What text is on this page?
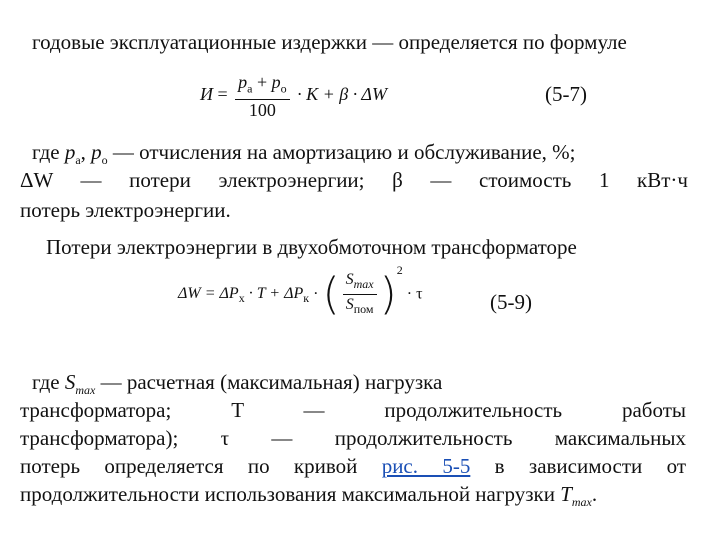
годовые эксплуатационные издержки — определяется по формуле
$И = \frac{p_а + p_о}{100} \cdot K + \beta \cdot \Delta W$	(5-7)
где $p_а$, $p_о$ — отчисления на амортизацию и обслуживание, %;
ΔW — потери электроэнергии; β — стоимость 1 кВт·ч
потерь электроэнергии.
Потери электроэнергии в двухобмоточном трансформаторе
$\Delta W = \Delta P_х \cdot T + \Delta P_к$ · ( $\frac{S_{max}}{S_{пом}} )^2 \cdot \tau$	(5-9)
где $S_{max}$ — расчетная (максимальная) нагрузка
трансформатора; T — продолжительность работы
трансформатора); τ — продолжительность максимальных
потерь определяется по кривой рис. 5-5 в зависимости от
продолжительности использования максимальной нагрузки $T_{max}$.
